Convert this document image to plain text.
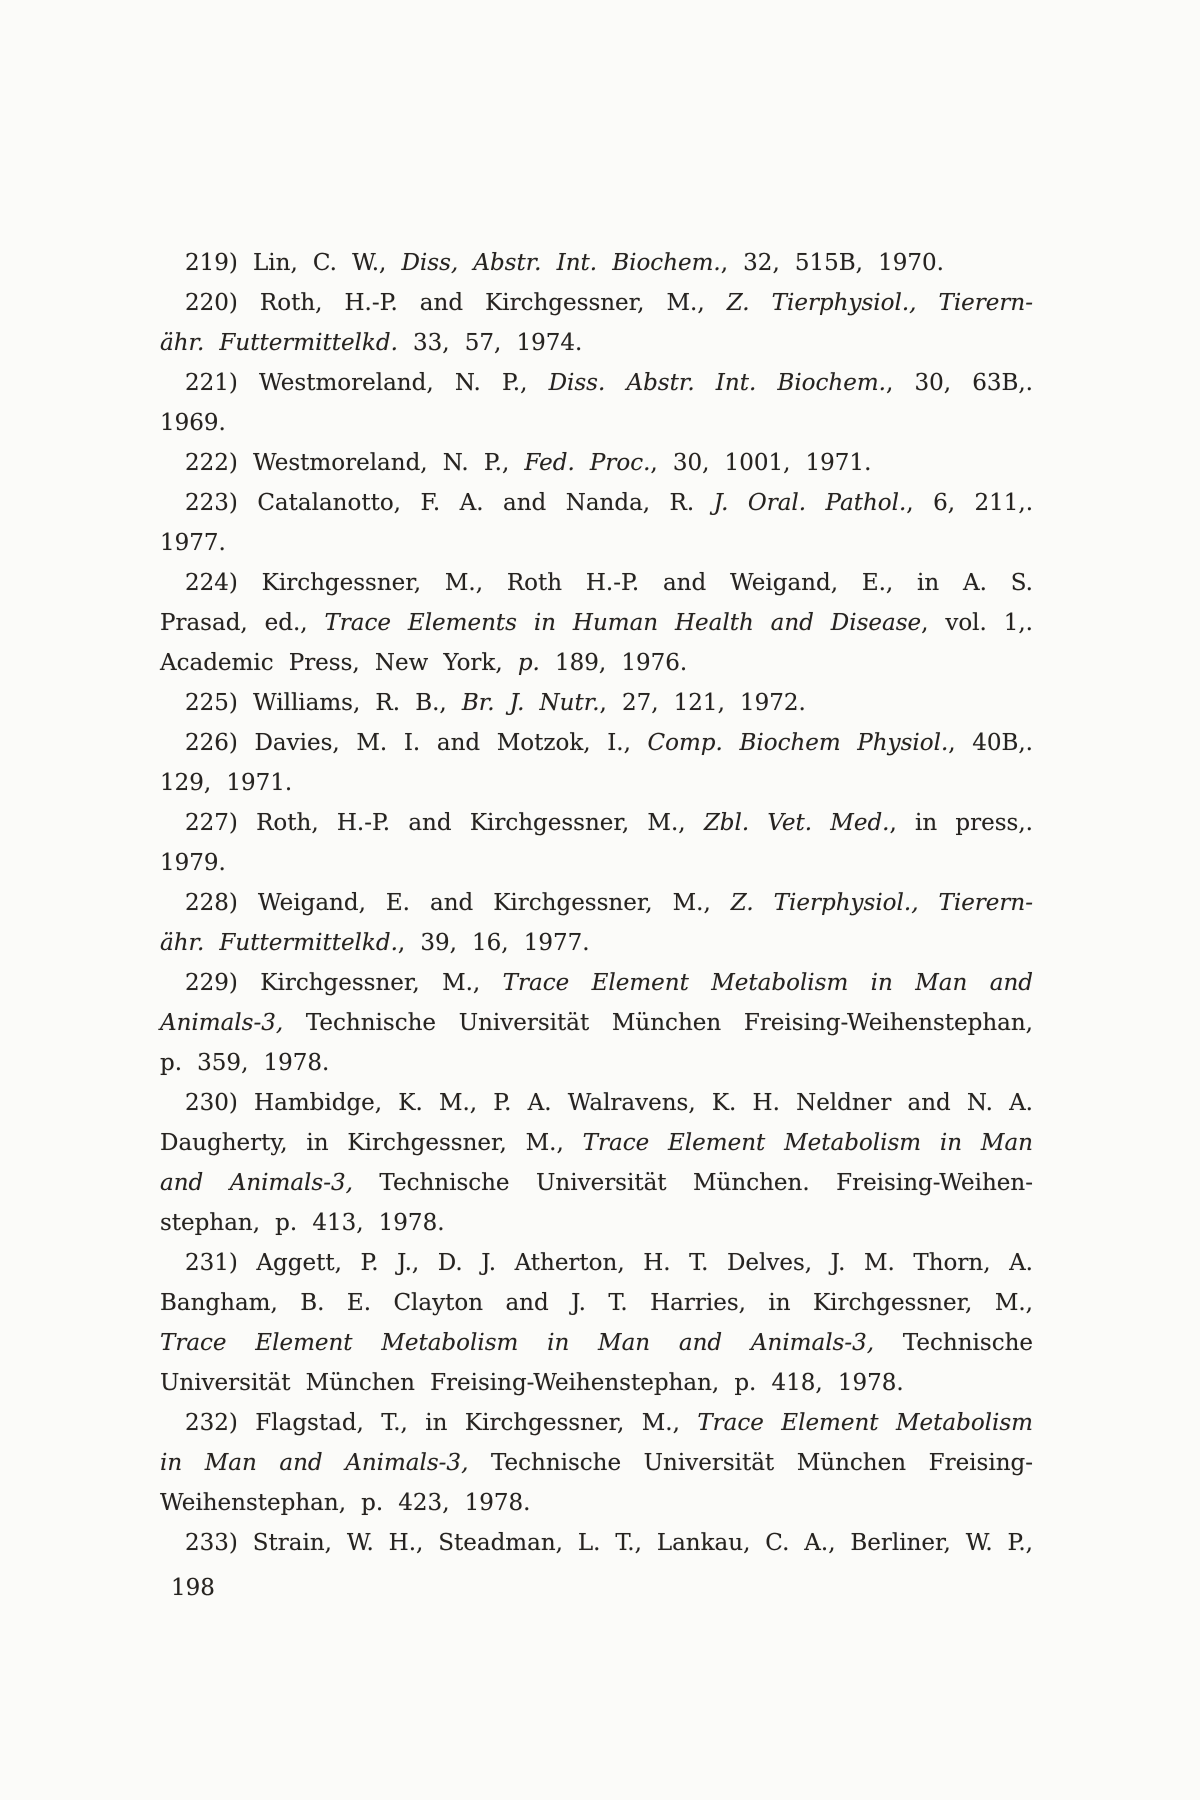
219) Lin, C. W., Diss, Abstr. Int. Biochem., 32, 515B, 1970.
220) Roth, H.-P. and Kirchgessner, M., Z. Tierphysiol., Tierern-
ähr. Futtermittelkd. 33, 57, 1974.
221) Westmoreland, N. P., Diss. Abstr. Int. Biochem., 30, 63B,.
1969.
222) Westmoreland, N. P., Fed. Proc., 30, 1001, 1971.
223) Catalanotto, F. A. and Nanda, R. J. Oral. Pathol., 6, 211,.
1977.
224) Kirchgessner, M., Roth H.-P. and Weigand, E., in A. S.
Prasad, ed., Trace Elements in Human Health and Disease, vol. 1,.
Academic Press, New York, p. 189, 1976.
225) Williams, R. B., Br. J. Nutr., 27, 121, 1972.
226) Davies, M. I. and Motzok, I., Comp. Biochem Physiol., 40B,.
129, 1971.
227) Roth, H.-P. and Kirchgessner, M., Zbl. Vet. Med., in press,.
1979.
228) Weigand, E. and Kirchgessner, M., Z. Tierphysiol., Tierern-
ähr. Futtermittelkd., 39, 16, 1977.
229) Kirchgessner, M., Trace Element Metabolism in Man and
Animals-3, Technische Universität München Freising-Weihenstephan,
p. 359, 1978.
230) Hambidge, K. M., P. A. Walravens, K. H. Neldner and N. A.
Daugherty, in Kirchgessner, M., Trace Element Metabolism in Man
and Animals-3, Technische Universität München. Freising-Weihen-
stephan, p. 413, 1978.
231) Aggett, P. J., D. J. Atherton, H. T. Delves, J. M. Thorn, A.
Bangham, B. E. Clayton and J. T. Harries, in Kirchgessner, M.,
Trace Element Metabolism in Man and Animals-3, Technische
Universität München Freising-Weihenstephan, p. 418, 1978.
232) Flagstad, T., in Kirchgessner, M., Trace Element Metabolism
in Man and Animals-3, Technische Universität München Freising-
Weihenstephan, p. 423, 1978.
233) Strain, W. H., Steadman, L. T., Lankau, C. A., Berliner, W. P.,
198
